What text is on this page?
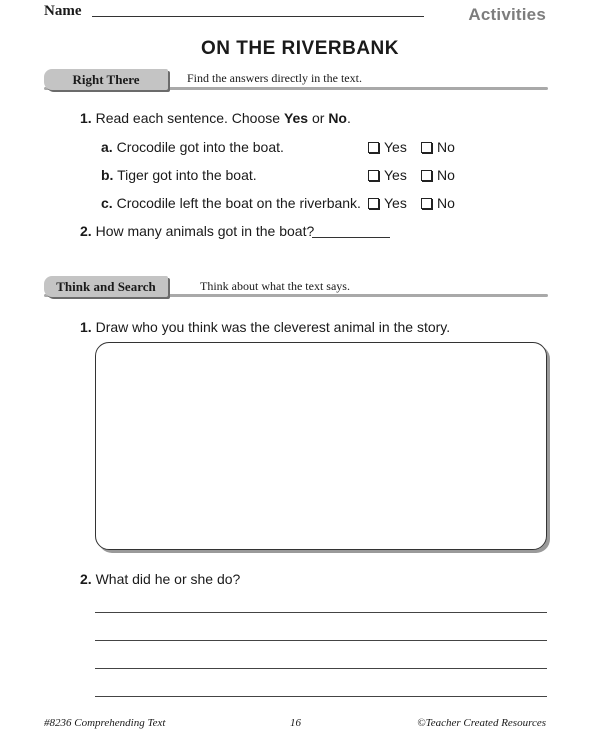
Name	Activities
ON THE RIVERBANK
Right There	Find the answers directly in the text.
1. Read each sentence. Choose Yes or No.
a. Crocodile got into the boat.	Yes	No
b. Tiger got into the boat.	Yes	No
c. Crocodile left the boat on the riverbank.	Yes	No
2. How many animals got in the boat?
Think and Search	Think about what the text says.
1. Draw who you think was the cleverest animal in the story.
2. What did he or she do?
#8236 Comprehending Text	16	©Teacher Created Resources
